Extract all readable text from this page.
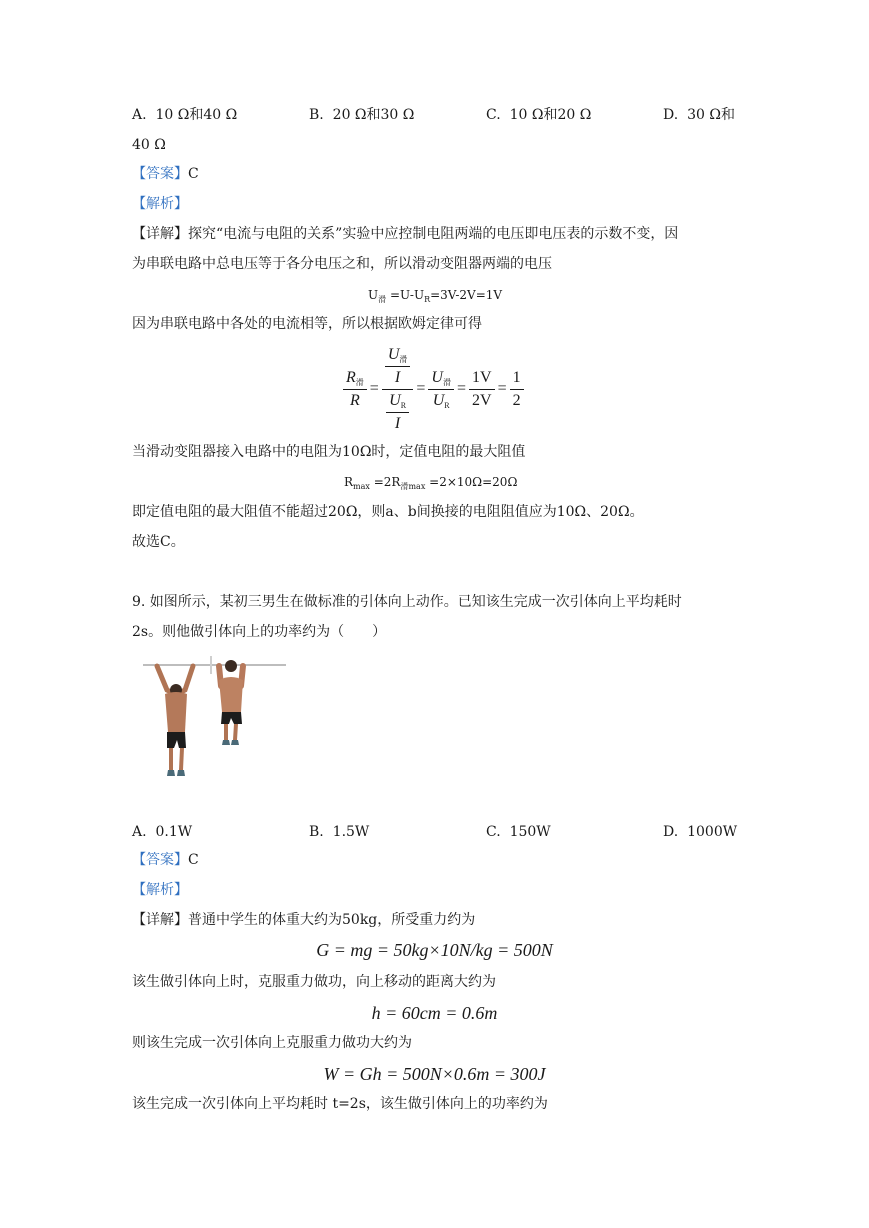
A. 10 Ω和40 Ω	B. 20 Ω和30 Ω	C. 10 Ω和20 Ω	D. 30 Ω和
40 Ω
【答案】C
【解析】
【详解】探究“电流与电阻的关系”实验中应控制电阻两端的电压即电压表的示数不变，因
为串联电路中总电压等于各分电压之和，所以滑动变阻器两端的电压
$U_滑 =U-U_R=3V-2V=1V$
因为串联电路中各处的电流相等，所以根据欧姆定律可得
$\frac{\text{R滑}}{R} = \frac{\frac{\text{U滑}}{I}}{\frac{UR}{I}} = \frac{\text{U滑}}{UR} = \frac{1V}{2V} = \frac{1}{2}$
当滑动变阻器接入电路中的电阻为10Ω时，定值电阻的最大阻值
$R_{max} =2R_{滑max} =2\times 10\Omega=20\Omega$
即定值电阻的最大阻值不能超过20Ω，则a、b间换接的电阻阻值应为10Ω、20Ω。
故选C。
9. 如图所示，某初三男生在做标准的引体向上动作。已知该生完成一次引体向上平均耗时
2s。则他做引体向上的功率约为（　　）
A. 0.1W	B. 1.5W	C. 150W	D. 1000W
【答案】C
【解析】
【详解】普通中学生的体重大约为50kg，所受重力约为
G = mg = 50kg×10N/kg = 500N
该生做引体向上时，克服重力做功，向上移动的距离大约为
h = 60cm = 0.6m
则该生完成一次引体向上克服重力做功大约为
W = Gh = 500N×0.6m = 300J
该生完成一次引体向上平均耗时 t=2s，该生做引体向上的功率约为
